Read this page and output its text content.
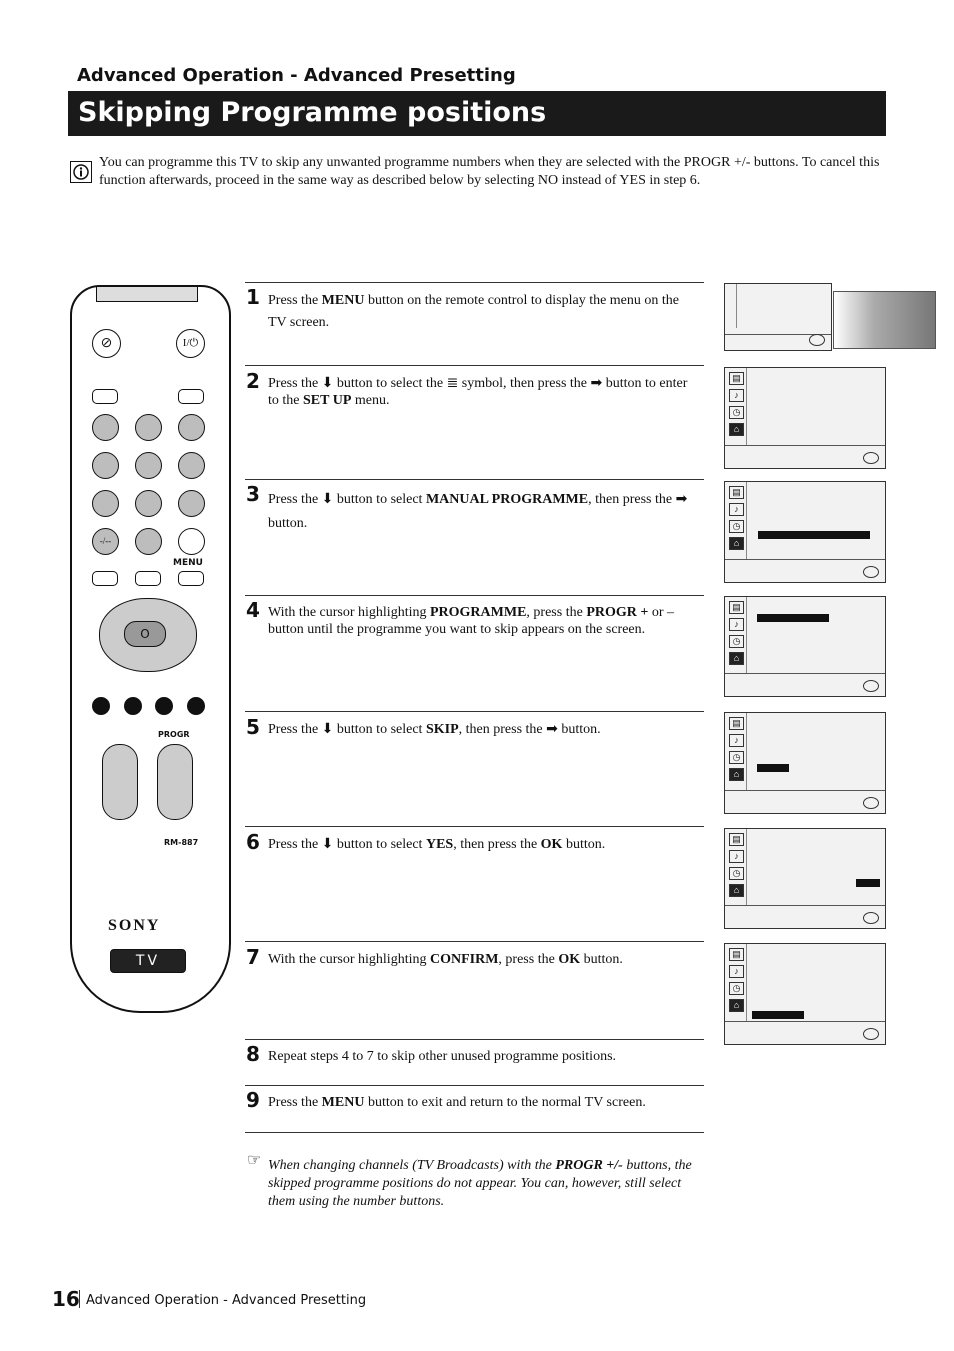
Advanced Operation - Advanced Presetting
Skipping Programme positions
You can programme this TV to skip any unwanted programme numbers when they are selected with the PROGR +/- buttons. To cancel this function afterwards, proceed in the same way as described below by selecting NO instead of YES in step 6.
⊘	I/⏻
-/--
MENU
O
PROGR
RM-887
SONY
TV
1 Press the MENU button on the remote control to display the menu on the TV screen.
2 Press the ⬇ button to select the ≣ symbol, then press the ➡ button to enter to the SET UP menu.
3 Press the ⬇ button to select MANUAL PROGRAMME, then press the ➡ button.
4 With the cursor highlighting PROGRAMME, press the PROGR + or – button until the programme you want to skip appears on the screen.
5 Press the ⬇ button to select SKIP, then press the ➡ button.
6 Press the ⬇ button to select YES, then press the OK button.
7 With the cursor highlighting CONFIRM, press the OK button.
8 Repeat steps 4 to 7 to skip other unused programme positions.
9 Press the MENU button to exit and return to the normal TV screen.
☞ When changing channels (TV Broadcasts) with the PROGR +/- buttons, the skipped programme positions do not appear. You can, however, still select them using the number buttons.
▤
♪
◷
⌂
▤
♪
◷
⌂
▤
♪
◷
⌂
▤
♪
◷
⌂
▤
♪
◷
⌂
▤
♪
◷
⌂
16 Advanced Operation - Advanced Presetting
